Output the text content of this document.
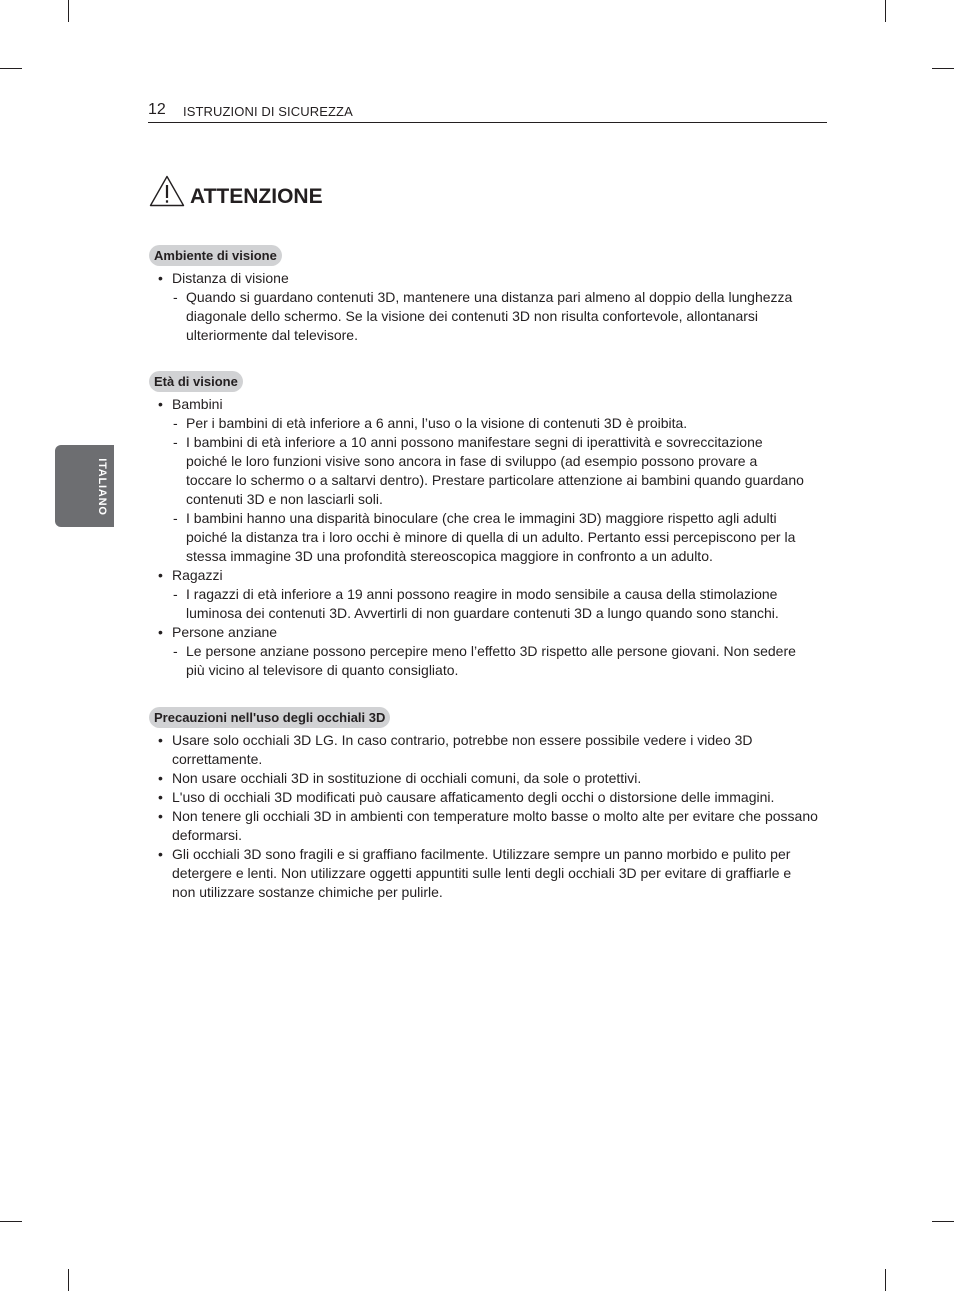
12 ISTRUZIONI DI SICUREZZA
ITALIANO
ATTENZIONE
Ambiente di visione
• Distanza di visione
- Quando si guardano contenuti 3D, mantenere una distanza pari almeno al doppio della lunghezza
diagonale dello schermo. Se la visione dei contenuti 3D non risulta confortevole, allontanarsi
ulteriormente dal televisore.
Età di visione
• Bambini
- Per i bambini di età inferiore a 6 anni, l’uso o la visione di contenuti 3D è proibita.
- I bambini di età inferiore a 10 anni possono manifestare segni di iperattività e sovreccitazione
poiché le loro funzioni visive sono ancora in fase di sviluppo (ad esempio possono provare a
toccare lo schermo o a saltarvi dentro). Prestare particolare attenzione ai bambini quando guardano
contenuti 3D e non lasciarli soli.
- I bambini hanno una disparità binoculare (che crea le immagini 3D) maggiore rispetto agli adulti
poiché la distanza tra i loro occhi è minore di quella di un adulto. Pertanto essi percepiscono per la
stessa immagine 3D una profondità stereoscopica maggiore in confronto a un adulto.
• Ragazzi
- I ragazzi di età inferiore a 19 anni possono reagire in modo sensibile a causa della stimolazione
luminosa dei contenuti 3D. Avvertirli di non guardare contenuti 3D a lungo quando sono stanchi.
• Persone anziane
- Le persone anziane possono percepire meno l’effetto 3D rispetto alle persone giovani. Non sedere
più vicino al televisore di quanto consigliato.
Precauzioni nell'uso degli occhiali 3D
• Usare solo occhiali 3D LG. In caso contrario, potrebbe non essere possibile vedere i video 3D
correttamente.
• Non usare occhiali 3D in sostituzione di occhiali comuni, da sole o protettivi.
• L'uso di occhiali 3D modificati può causare affaticamento degli occhi o distorsione delle immagini.
• Non tenere gli occhiali 3D in ambienti con temperature molto basse o molto alte per evitare che possano
deformarsi.
• Gli occhiali 3D sono fragili e si graffiano facilmente. Utilizzare sempre un panno morbido e pulito per
detergere e lenti. Non utilizzare oggetti appuntiti sulle lenti degli occhiali 3D per evitare di graffiarle e
non utilizzare sostanze chimiche per pulirle.
